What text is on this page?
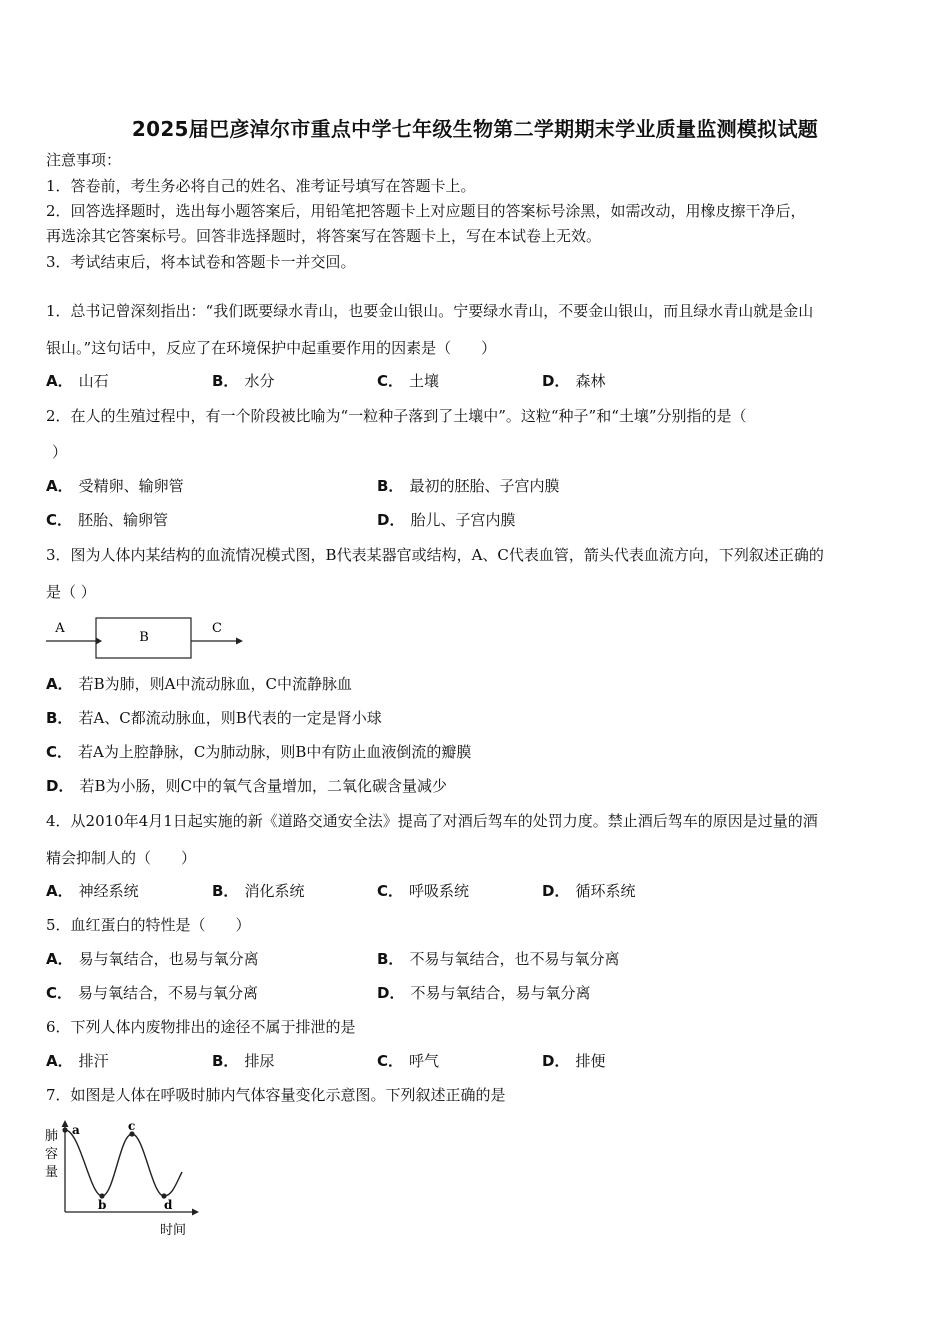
2025届巴彦淖尔市重点中学七年级生物第二学期期末学业质量监测模拟试题
注意事项：
1．答卷前，考生务必将自己的姓名、准考证号填写在答题卡上。
2．回答选择题时，选出每小题答案后，用铅笔把答题卡上对应题目的答案标号涂黑，如需改动，用橡皮擦干净后，
再选涂其它答案标号。回答非选择题时，将答案写在答题卡上，写在本试卷上无效。
3．考试结束后，将本试卷和答题卡一并交回。
1．总书记曾深刻指出：“我们既要绿水青山，也要金山银山。宁要绿水青山，不要金山银山，而且绿水青山就是金山
银山。”这句话中，反应了在环境保护中起重要作用的因素是（　　）
A． 山石	B． 水分	C． 土壤	D． 森林
2．在人的生殖过程中，有一个阶段被比喻为“一粒种子落到了土壤中”。这粒“种子”和“土壤”分别指的是（
）
A． 受精卵、输卵管	B． 最初的胚胎、子宫内膜
C． 胚胎、输卵管	D． 胎儿、子宫内膜
3．图为人体内某结构的血流情况模式图，B代表某器官或结构，A、C代表血管，箭头代表血流方向，下列叙述正确的
是（ ）
A
B
C
A． 若B为肺，则A中流动脉血，C中流静脉血
B． 若A、C都流动脉血，则B代表的一定是肾小球
C． 若A为上腔静脉，C为肺动脉，则B中有防止血液倒流的瓣膜
D． 若B为小肠，则C中的氧气含量增加，二氧化碳含量减少
4．从2010年4月1日起实施的新《道路交通安全法》提高了对酒后驾车的处罚力度。禁止酒后驾车的原因是过量的酒
精会抑制人的（　　）
A． 神经系统	B． 消化系统	C． 呼吸系统	D． 循环系统
5．血红蛋白的特性是（　　）
A． 易与氧结合，也易与氧分离	B． 不易与氧结合，也不易与氧分离
C． 易与氧结合，不易与氧分离	D． 不易与氧结合，易与氧分离
6．下列人体内废物排出的途径不属于排泄的是
A． 排汗	B． 排尿	C． 呼气	D． 排便
7．如图是人体在呼吸时肺内气体容量变化示意图。下列叙述正确的是
肺
容
量
a
b
c
d
时间
